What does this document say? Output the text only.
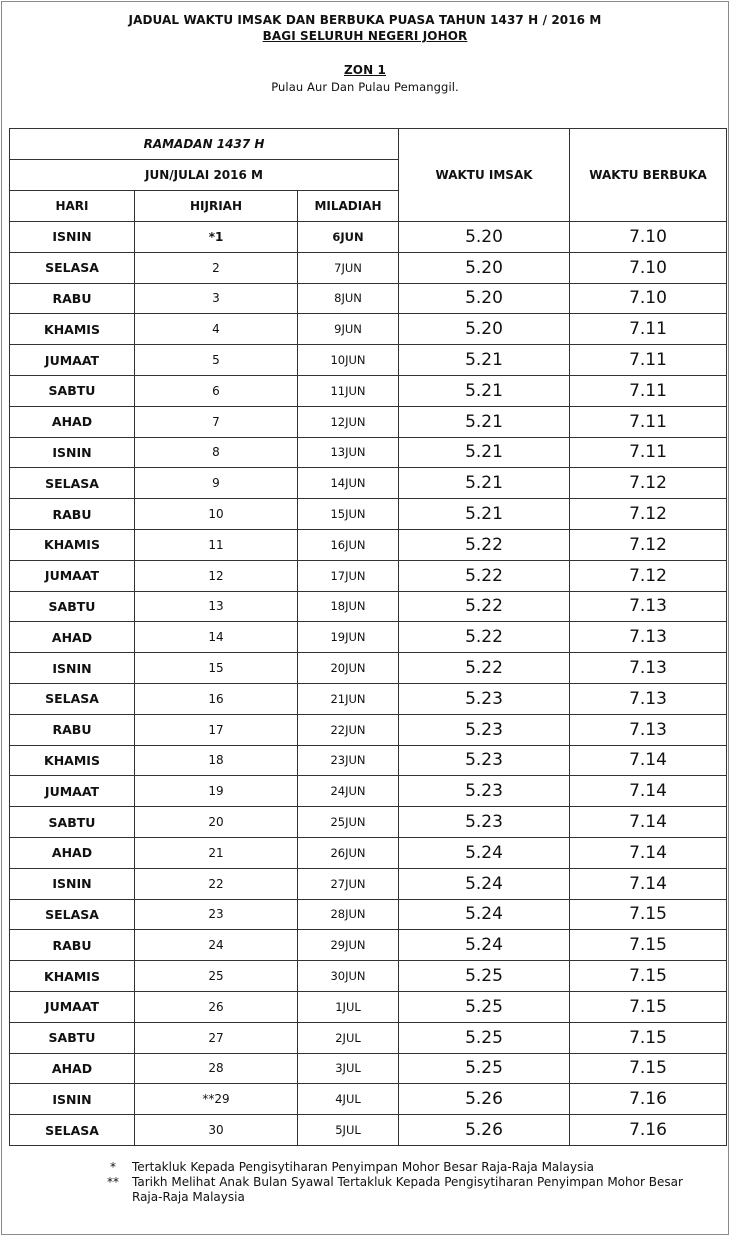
JADUAL WAKTU IMSAK DAN BERBUKA PUASA TAHUN 1437 H / 2016 M
BAGI SELURUH NEGERI JOHOR
ZON 1
Pulau Aur Dan Pulau Pemanggil.
RAMADAN 1437 H			WAKTU IMSAK	WAKTU BERBUKA
JUN/JULAI 2016 M				
HARI	HIJRIAH	MILADIAH		
ISNIN	*1	6JUN	5.20	7.10
SELASA	2	7JUN	5.20	7.10
RABU	3	8JUN	5.20	7.10
KHAMIS	4	9JUN	5.20	7.11
JUMAAT	5	10JUN	5.21	7.11
SABTU	6	11JUN	5.21	7.11
AHAD	7	12JUN	5.21	7.11
ISNIN	8	13JUN	5.21	7.11
SELASA	9	14JUN	5.21	7.12
RABU	10	15JUN	5.21	7.12
KHAMIS	11	16JUN	5.22	7.12
JUMAAT	12	17JUN	5.22	7.12
SABTU	13	18JUN	5.22	7.13
AHAD	14	19JUN	5.22	7.13
ISNIN	15	20JUN	5.22	7.13
SELASA	16	21JUN	5.23	7.13
RABU	17	22JUN	5.23	7.13
KHAMIS	18	23JUN	5.23	7.14
JUMAAT	19	24JUN	5.23	7.14
SABTU	20	25JUN	5.23	7.14
AHAD	21	26JUN	5.24	7.14
ISNIN	22	27JUN	5.24	7.14
SELASA	23	28JUN	5.24	7.15
RABU	24	29JUN	5.24	7.15
KHAMIS	25	30JUN	5.25	7.15
JUMAAT	26	1JUL	5.25	7.15
SABTU	27	2JUL	5.25	7.15
AHAD	28	3JUL	5.25	7.15
ISNIN	**29	4JUL	5.26	7.16
SELASA	30	5JUL	5.26	7.16
*	Tertakluk Kepada Pengisytiharan Penyimpan Mohor Besar Raja-Raja Malaysia
**	Tarikh Melihat Anak Bulan Syawal Tertakluk Kepada Pengisytiharan Penyimpan Mohor Besar Raja-Raja Malaysia
